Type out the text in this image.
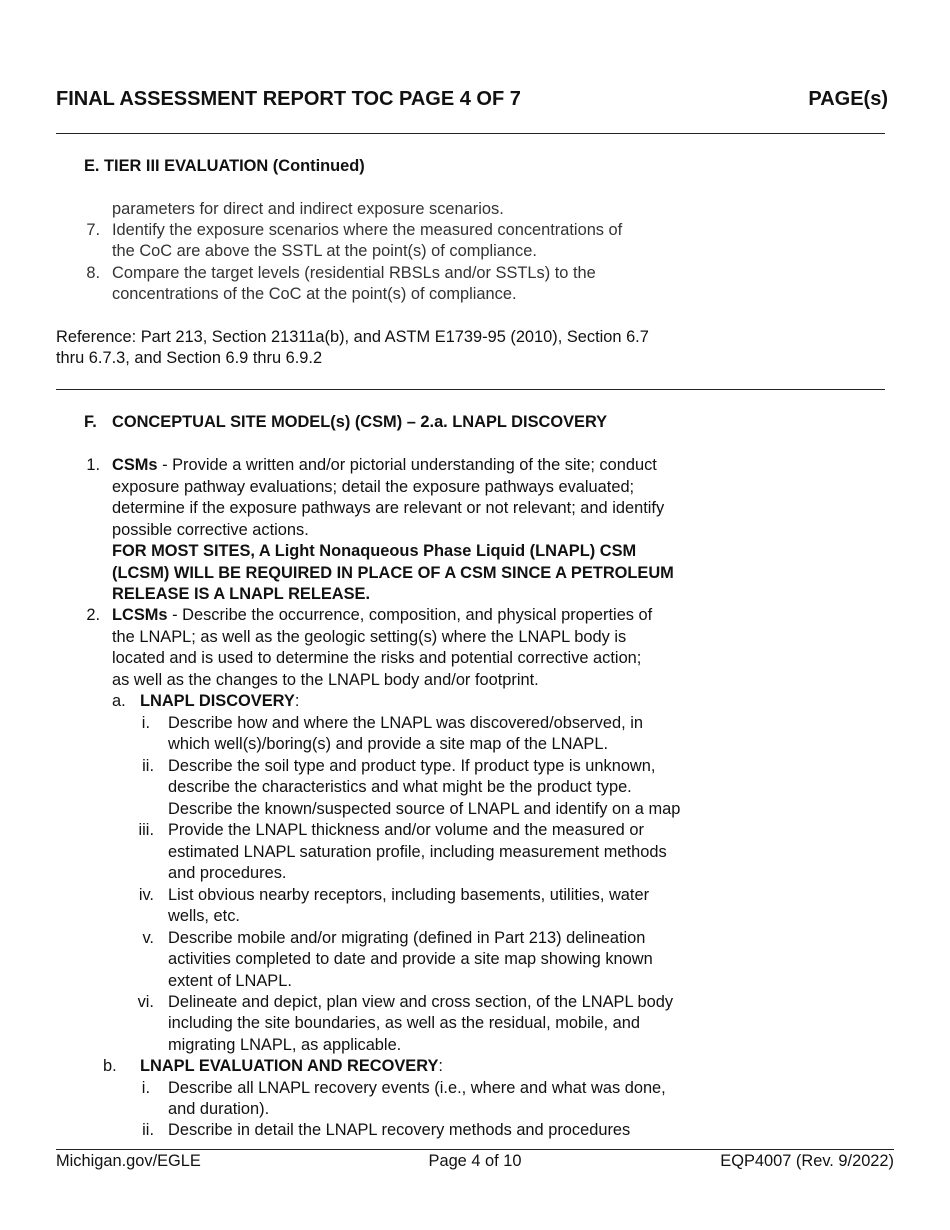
FINAL ASSESSMENT REPORT TOC PAGE 4 OF 7	PAGE(s)
E. TIER III EVALUATION (Continued)
parameters for direct and indirect exposure scenarios.
7. Identify the exposure scenarios where the measured concentrations of
the CoC are above the SSTL at the point(s) of compliance.
8. Compare the target levels (residential RBSLs and/or SSTLs) to the
concentrations of the CoC at the point(s) of compliance.
Reference: Part 213, Section 21311a(b), and ASTM E1739-95 (2010), Section 6.7
thru 6.7.3, and Section 6.9 thru 6.9.2
F. CONCEPTUAL SITE MODEL(s) (CSM) – 2.a. LNAPL DISCOVERY
1. CSMs - Provide a written and/or pictorial understanding of the site; conduct
exposure pathway evaluations; detail the exposure pathways evaluated;
determine if the exposure pathways are relevant or not relevant; and identify
possible corrective actions.
FOR MOST SITES, A Light Nonaqueous Phase Liquid (LNAPL) CSM
(LCSM) WILL BE REQUIRED IN PLACE OF A CSM SINCE A PETROLEUM
RELEASE IS A LNAPL RELEASE.
2. LCSMs - Describe the occurrence, composition, and physical properties of
the LNAPL; as well as the geologic setting(s) where the LNAPL body is
located and is used to determine the risks and potential corrective action;
as well as the changes to the LNAPL body and/or footprint.
a. LNAPL DISCOVERY:
i. Describe how and where the LNAPL was discovered/observed, in
which well(s)/boring(s) and provide a site map of the LNAPL.
ii. Describe the soil type and product type. If product type is unknown,
describe the characteristics and what might be the product type.
Describe the known/suspected source of LNAPL and identify on a map
iii. Provide the LNAPL thickness and/or volume and the measured or
estimated LNAPL saturation profile, including measurement methods
and procedures.
iv. List obvious nearby receptors, including basements, utilities, water
wells, etc.
v. Describe mobile and/or migrating (defined in Part 213) delineation
activities completed to date and provide a site map showing known
extent of LNAPL.
vi. Delineate and depict, plan view and cross section, of the LNAPL body
including the site boundaries, as well as the residual, mobile, and
migrating LNAPL, as applicable.
b. LNAPL EVALUATION AND RECOVERY:
i. Describe all LNAPL recovery events (i.e., where and what was done,
and duration).
ii. Describe in detail the LNAPL recovery methods and procedures
Michigan.gov/EGLE	Page 4 of 10	EQP4007 (Rev. 9/2022)
